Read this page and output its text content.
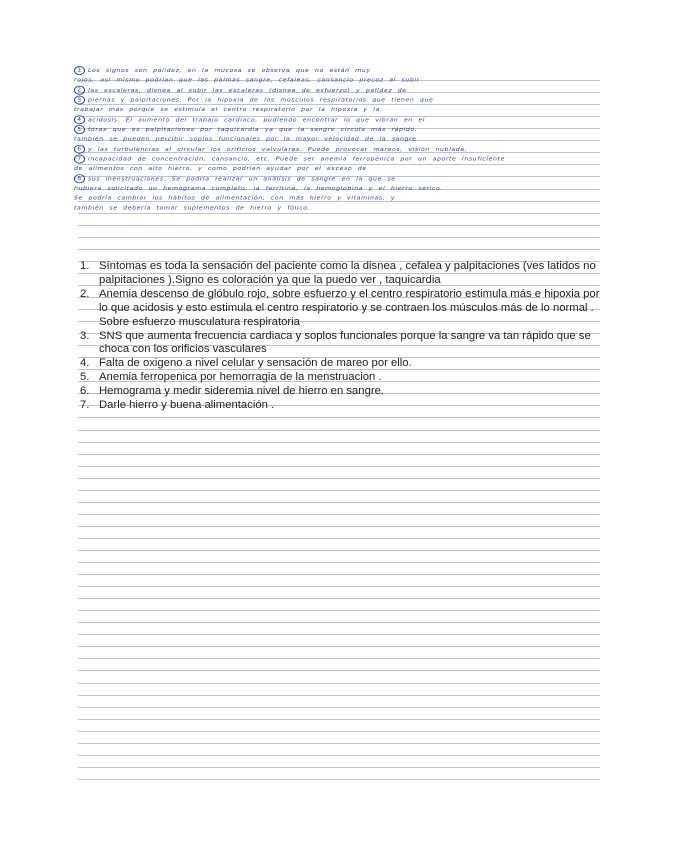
1 Los signos son pálidez, en la mucosa se observa que no están muy
rojos, así mismo podrían que las palmas sangre, cefaleas, cansancio precoz al subir
2 las escaleras, disnea al subir las escaleras (disnea de esfuerzo) y palidez de
3 piernas y palpitaciones. Por la hipoxia de los músculos respiratorios que tienen que
trabajar más porque se estimula el centro respiratorio por la hipoxia y la
4 acidosis. El aumento del trabajo cardíaco, pudiendo encontrar lo que vibran en el
5 tórax que es palpitaciones por taquicardia ya que la sangre circula más rápido,
también se pueden percibir soplos funcionales por la mayor velocidad de la sangre
6 y las turbulencias al circular los orificios valvulares. Puede provocar mareos, visión nublada,
7 incapacidad de concentración, cansancio, etc. Puede ser anemia ferropénica por un aporte insuficiente
de alimentos con alto hierro, y como podrían ayudar por el exceso de
8 sus menstruaciones. Se podría realizar un análisis de sangre en la que se
hubiera solicitado un hemograma completo, la ferritina, la hemoglobina y el hierro sérico.
Se podría cambiar los hábitos de alimentación, con más hierro y vitaminas, y
también se debería tomar suplementos de hierro y fólico.
1. Síntomas es toda la sensación del paciente como la disnea , cefalea y palpitaciones (ves latidos no palpitaciones ).Signo es coloración ya que la puedo ver , taquicardia
2. Anemia descenso de glóbulo rojo, sobre esfuerzo y el centro respiratorio estimula más e hipoxia por lo que acidosis y esto estimula el centro respiratorio y se contraen los músculos más de lo normal . Sobre esfuerzo musculatura respiratoria
3. SNS que aumenta frecuencia cardiaca y soplos funcionales porque la sangre va tan rápido que se choca con los orificios vasculares
4. Falta de oxigeno a nivel celular y sensación de mareo por ello.
5. Anemia ferropenica por hemorragia de la menstruacion .
6. Hemograma y medir sideremia nivel de hierro en sangre.
7. Darle hierro y buena alimentación .
